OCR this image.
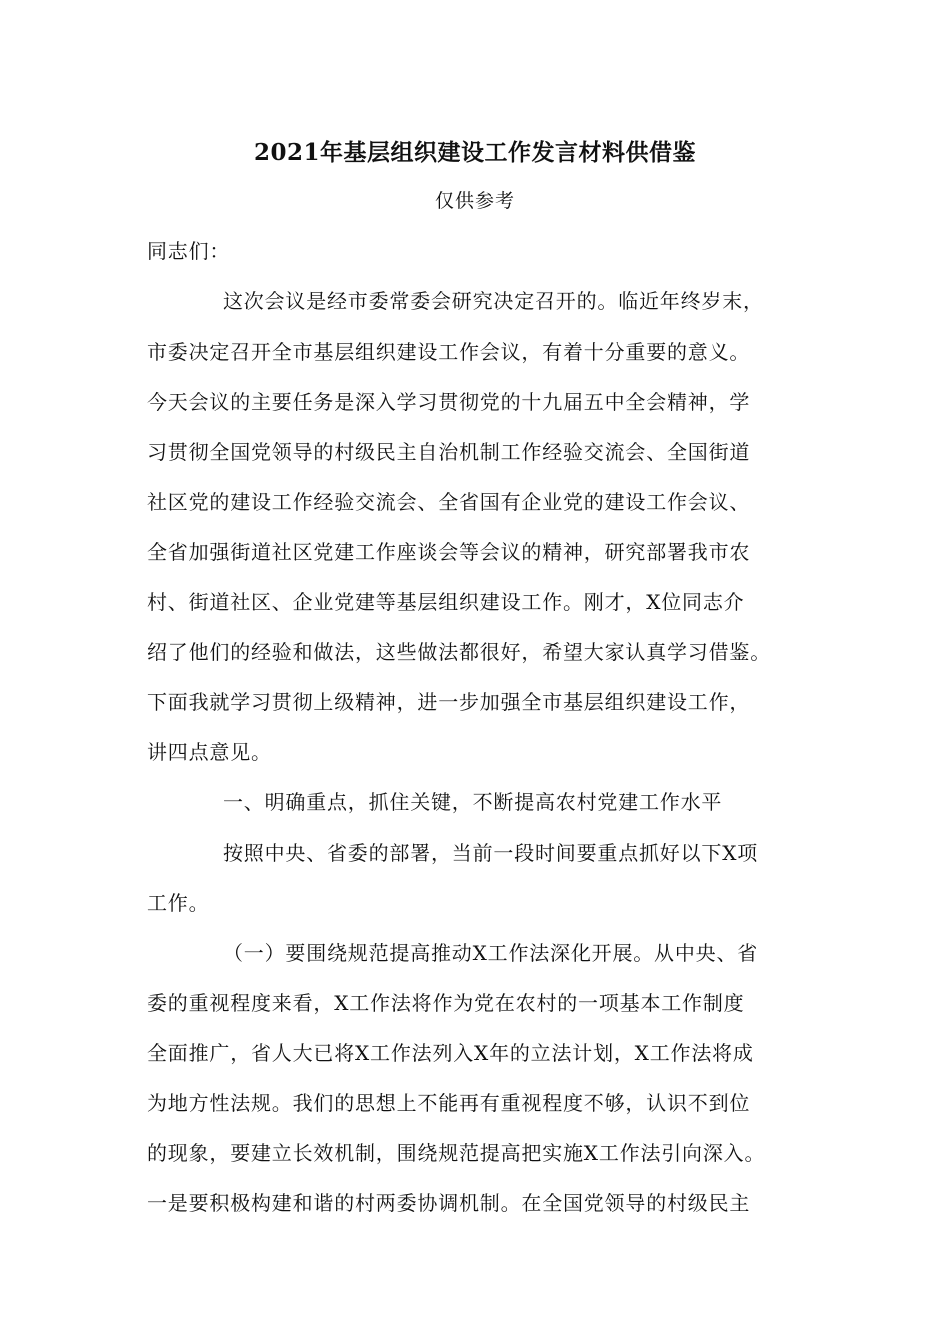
2021年基层组织建设工作发言材料供借鉴
仅供参考

同志们：

这次会议是经市委常委会研究决定召开的。临近年终岁末，

市委决定召开全市基层组织建设工作会议，有着十分重要的意义。

今天会议的主要任务是深入学习贯彻党的十九届五中全会精神，学

习贯彻全国党领导的村级民主自治机制工作经验交流会、全国街道

社区党的建设工作经验交流会、全省国有企业党的建设工作会议、

全省加强街道社区党建工作座谈会等会议的精神，研究部署我市农

村、街道社区、企业党建等基层组织建设工作。刚才，X位同志介

绍了他们的经验和做法，这些做法都很好，希望大家认真学习借鉴。

下面我就学习贯彻上级精神，进一步加强全市基层组织建设工作，

讲四点意见。

一、明确重点，抓住关键，不断提高农村党建工作水平

按照中央、省委的部署，当前一段时间要重点抓好以下X项

工作。

（一）要围绕规范提高推动X工作法深化开展。从中央、省

委的重视程度来看，X工作法将作为党在农村的一项基本工作制度

全面推广，省人大已将X工作法列入X年的立法计划，X工作法将成

为地方性法规。我们的思想上不能再有重视程度不够，认识不到位

的现象，要建立长效机制，围绕规范提高把实施X工作法引向深入。

一是要积极构建和谐的村两委协调机制。在全国党领导的村级民主
